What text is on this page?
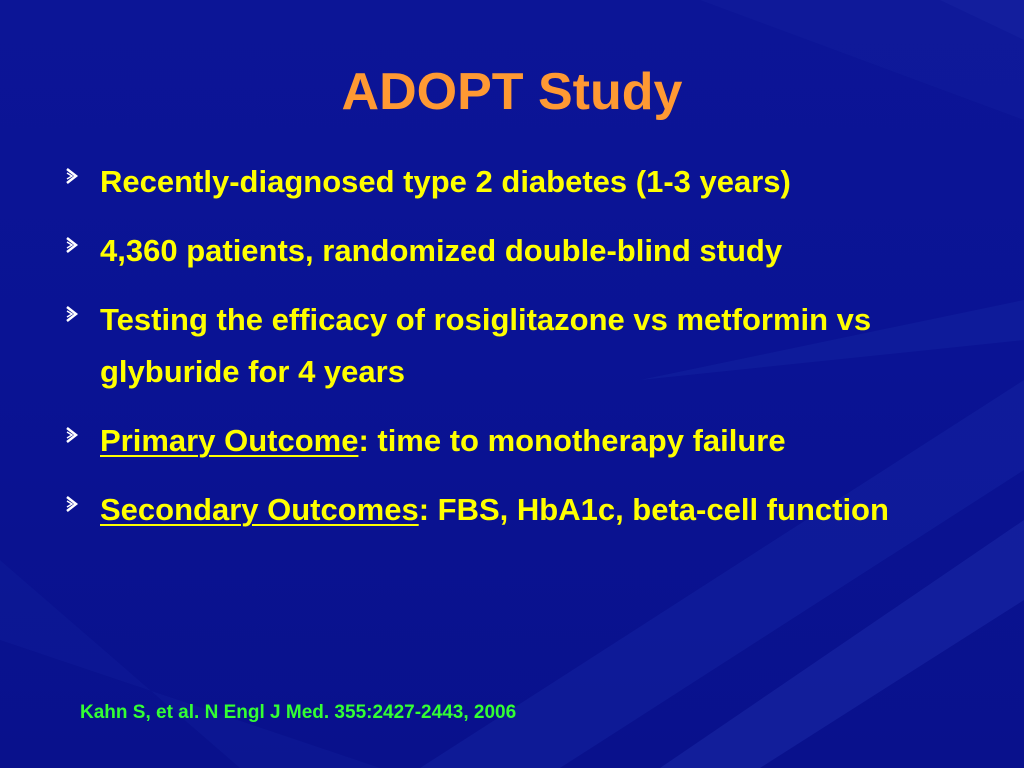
ADOPT Study
Recently-diagnosed type 2 diabetes (1-3 years)
4,360 patients, randomized double-blind study
Testing the efficacy of rosiglitazone vs metformin vs glyburide for 4 years
Primary Outcome: time to monotherapy failure
Secondary Outcomes: FBS, HbA1c, beta-cell function
Kahn S, et al. N Engl J Med. 355:2427-2443, 2006
